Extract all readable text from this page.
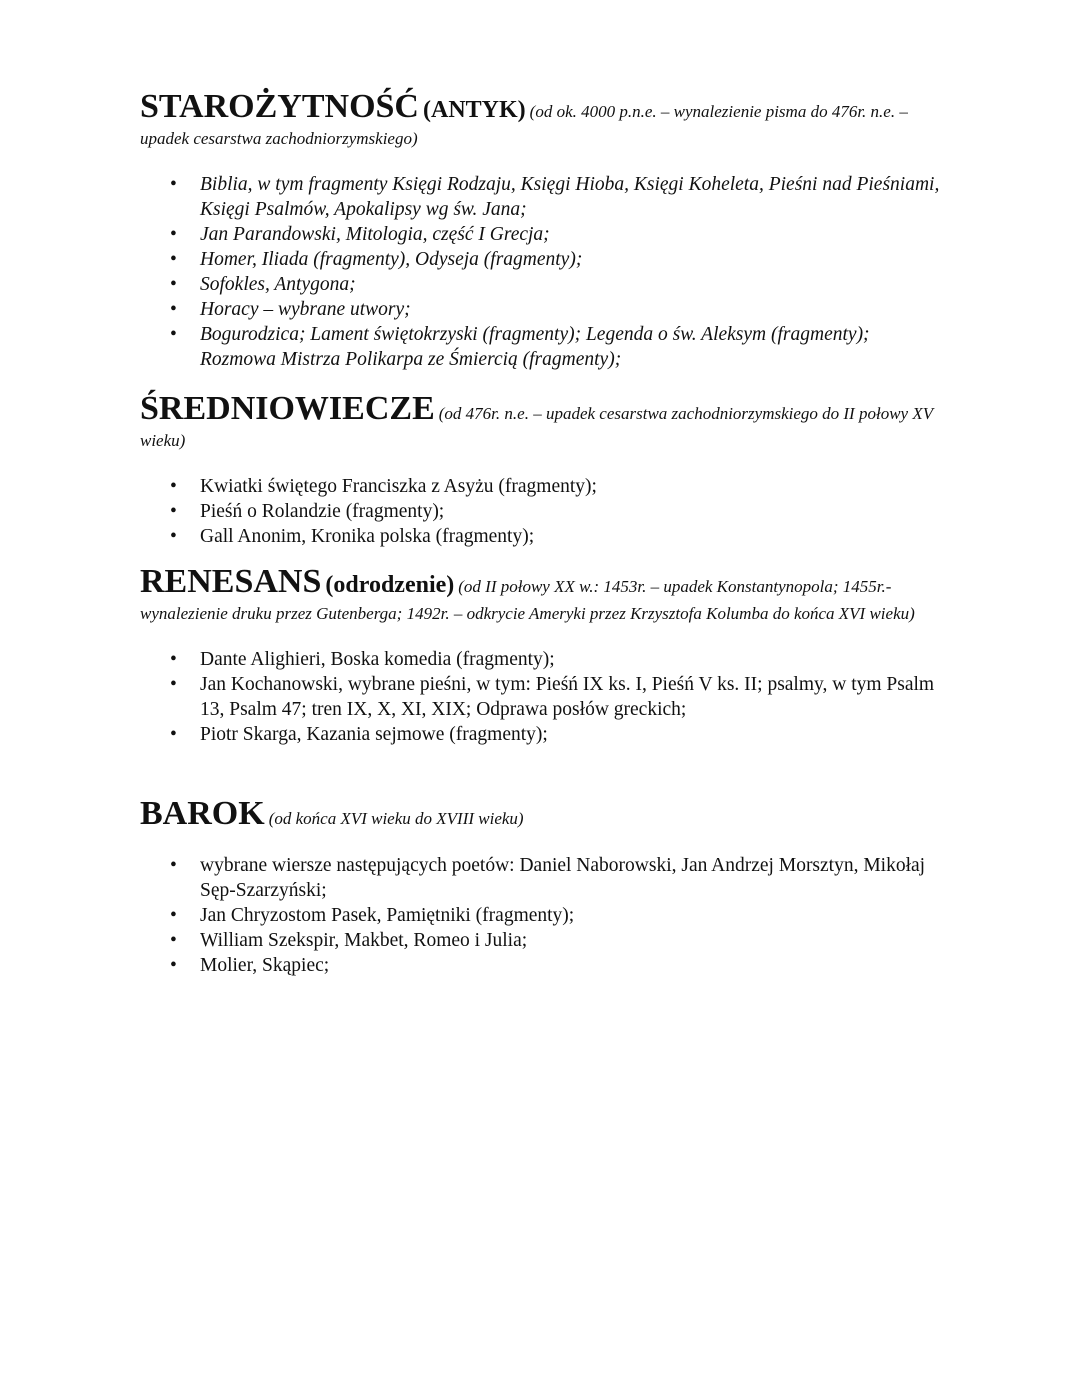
STAROŻYTNOŚĆ (ANTYK) (od ok. 4000 p.n.e. – wynalezienie pisma do 476r. n.e. – upadek cesarstwa zachodniorzymskiego)

• Biblia, w tym fragmenty Księgi Rodzaju, Księgi Hioba, Księgi Koheleta, Pieśni nad Pieśniami, Księgi Psalmów, Apokalipsy wg św. Jana;
• Jan Parandowski, Mitologia, część I Grecja;
• Homer, Iliada (fragmenty), Odyseja (fragmenty);
• Sofokles, Antygona;
• Horacy – wybrane utwory;
• Bogurodzica; Lament świętokrzyski (fragmenty); Legenda o św. Aleksym (fragmenty); Rozmowa Mistrza Polikarpa ze Śmiercią (fragmenty);

ŚREDNIOWIECZE (od 476r. n.e. – upadek cesarstwa zachodniorzymskiego do II połowy XV wieku)

• Kwiatki świętego Franciszka z Asyżu (fragmenty);
• Pieśń o Rolandzie (fragmenty);
• Gall Anonim, Kronika polska (fragmenty);

RENESANS (odrodzenie) (od II połowy XX w.: 1453r. – upadek Konstantynopola; 1455r.- wynalezienie druku przez Gutenberga; 1492r. – odkrycie Ameryki przez Krzysztofa Kolumba do końca XVI wieku)

• Dante Alighieri, Boska komedia (fragmenty);
• Jan Kochanowski, wybrane pieśni, w tym: Pieśń IX ks. I, Pieśń V ks. II; psalmy, w tym Psalm 13, Psalm 47; tren IX, X, XI, XIX; Odprawa posłów greckich;
• Piotr Skarga, Kazania sejmowe (fragmenty);

BAROK (od końca XVI wieku do XVIII wieku)

• wybrane wiersze następujących poetów: Daniel Naborowski, Jan Andrzej Morsztyn, Mikołaj Sęp-Szarzyński;
• Jan Chryzostom Pasek, Pamiętniki (fragmenty);
• William Szekspir, Makbet, Romeo i Julia;
• Molier, Skąpiec;
